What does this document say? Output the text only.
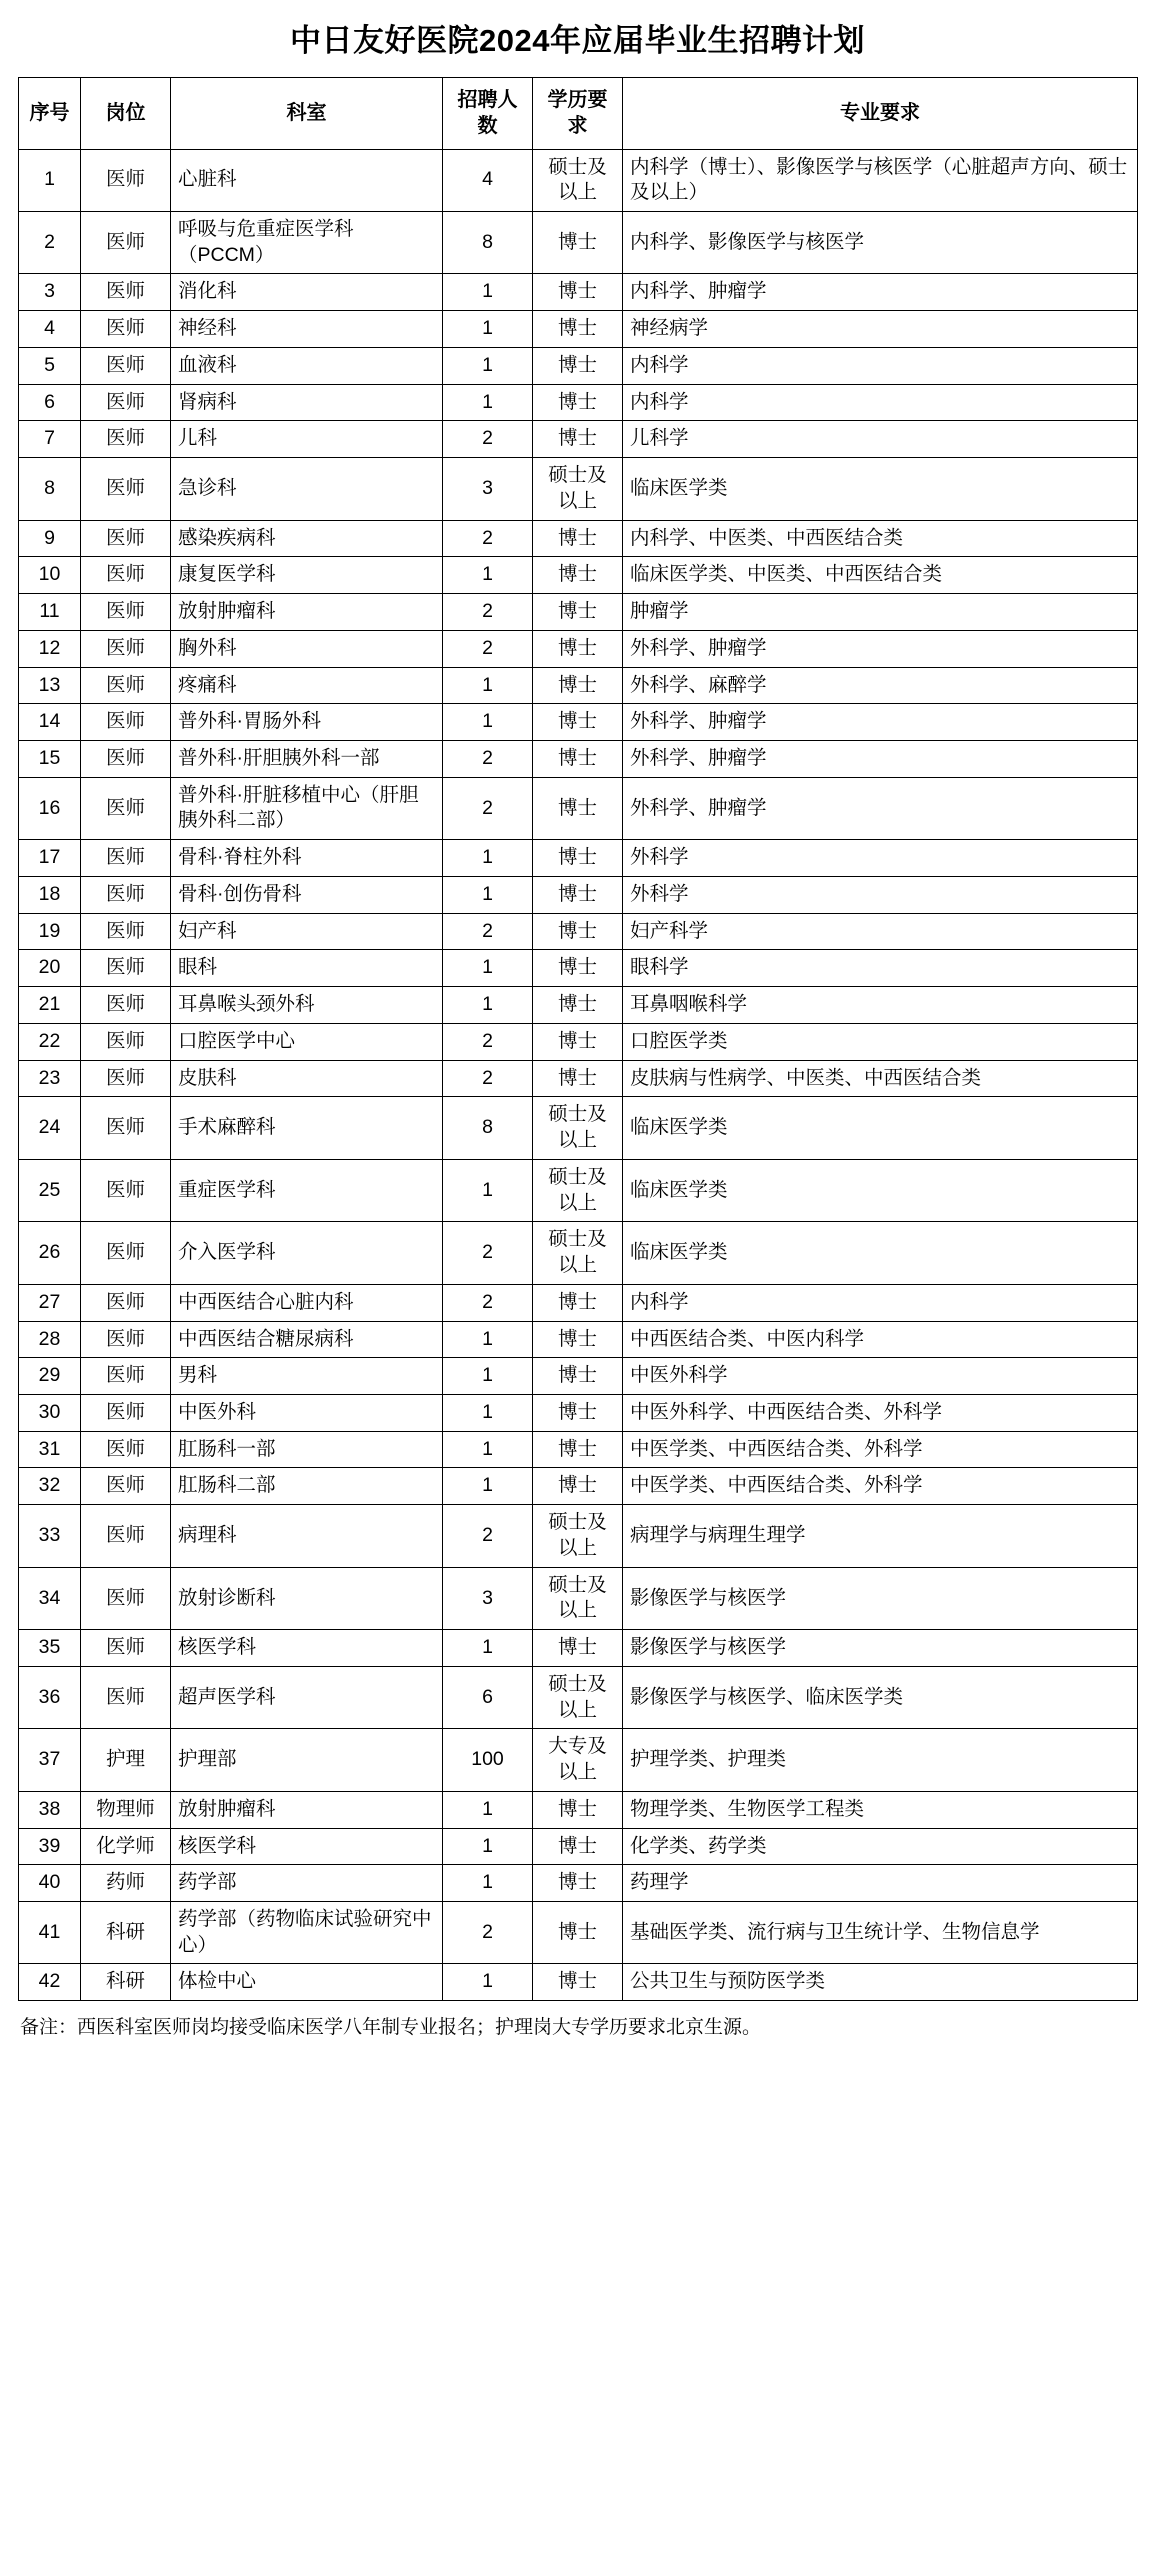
中日友好医院2024年应届毕业生招聘计划
序号	岗位	科室	招聘人数	学历要求	专业要求
1	医师	心脏科	4	硕士及以上	内科学（博士）、影像医学与核医学（心脏超声方向、硕士及以上）
2	医师	呼吸与危重症医学科（PCCM）	8	博士	内科学、影像医学与核医学
3	医师	消化科	1	博士	内科学、肿瘤学
4	医师	神经科	1	博士	神经病学
5	医师	血液科	1	博士	内科学
6	医师	肾病科	1	博士	内科学
7	医师	儿科	2	博士	儿科学
8	医师	急诊科	3	硕士及以上	临床医学类
9	医师	感染疾病科	2	博士	内科学、中医类、中西医结合类
10	医师	康复医学科	1	博士	临床医学类、中医类、中西医结合类
11	医师	放射肿瘤科	2	博士	肿瘤学
12	医师	胸外科	2	博士	外科学、肿瘤学
13	医师	疼痛科	1	博士	外科学、麻醉学
14	医师	普外科·胃肠外科	1	博士	外科学、肿瘤学
15	医师	普外科·肝胆胰外科一部	2	博士	外科学、肿瘤学
16	医师	普外科·肝脏移植中心（肝胆胰外科二部）	2	博士	外科学、肿瘤学
17	医师	骨科·脊柱外科	1	博士	外科学
18	医师	骨科·创伤骨科	1	博士	外科学
19	医师	妇产科	2	博士	妇产科学
20	医师	眼科	1	博士	眼科学
21	医师	耳鼻喉头颈外科	1	博士	耳鼻咽喉科学
22	医师	口腔医学中心	2	博士	口腔医学类
23	医师	皮肤科	2	博士	皮肤病与性病学、中医类、中西医结合类
24	医师	手术麻醉科	8	硕士及以上	临床医学类
25	医师	重症医学科	1	硕士及以上	临床医学类
26	医师	介入医学科	2	硕士及以上	临床医学类
27	医师	中西医结合心脏内科	2	博士	内科学
28	医师	中西医结合糖尿病科	1	博士	中西医结合类、中医内科学
29	医师	男科	1	博士	中医外科学
30	医师	中医外科	1	博士	中医外科学、中西医结合类、外科学
31	医师	肛肠科一部	1	博士	中医学类、中西医结合类、外科学
32	医师	肛肠科二部	1	博士	中医学类、中西医结合类、外科学
33	医师	病理科	2	硕士及以上	病理学与病理生理学
34	医师	放射诊断科	3	硕士及以上	影像医学与核医学
35	医师	核医学科	1	博士	影像医学与核医学
36	医师	超声医学科	6	硕士及以上	影像医学与核医学、临床医学类
37	护理	护理部	100	大专及以上	护理学类、护理类
38	物理师	放射肿瘤科	1	博士	物理学类、生物医学工程类
39	化学师	核医学科	1	博士	化学类、药学类
40	药师	药学部	1	博士	药理学
41	科研	药学部（药物临床试验研究中心）	2	博士	基础医学类、流行病与卫生统计学、生物信息学
42	科研	体检中心	1	博士	公共卫生与预防医学类
备注：西医科室医师岗均接受临床医学八年制专业报名；护理岗大专学历要求北京生源。
